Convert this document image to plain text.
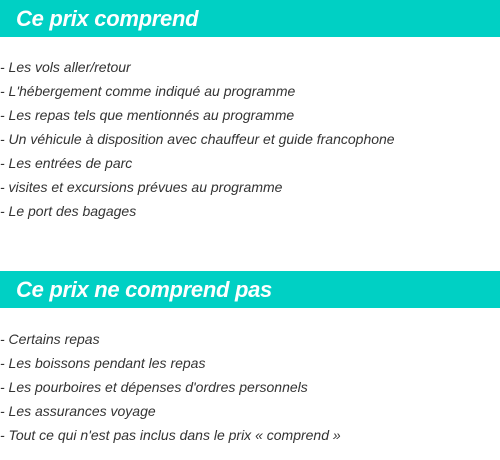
Ce prix comprend
- Les vols aller/retour
- L'hébergement comme indiqué au programme
- Les repas tels que mentionnés au programme
- Un véhicule à disposition avec chauffeur et guide francophone
- Les entrées de parc
- visites et excursions prévues au programme
- Le port des bagages
Ce prix ne comprend pas
- Certains repas
- Les boissons pendant les repas
- Les pourboires et dépenses d'ordres personnels
- Les assurances voyage
- Tout ce qui n'est pas inclus dans le prix « comprend »
